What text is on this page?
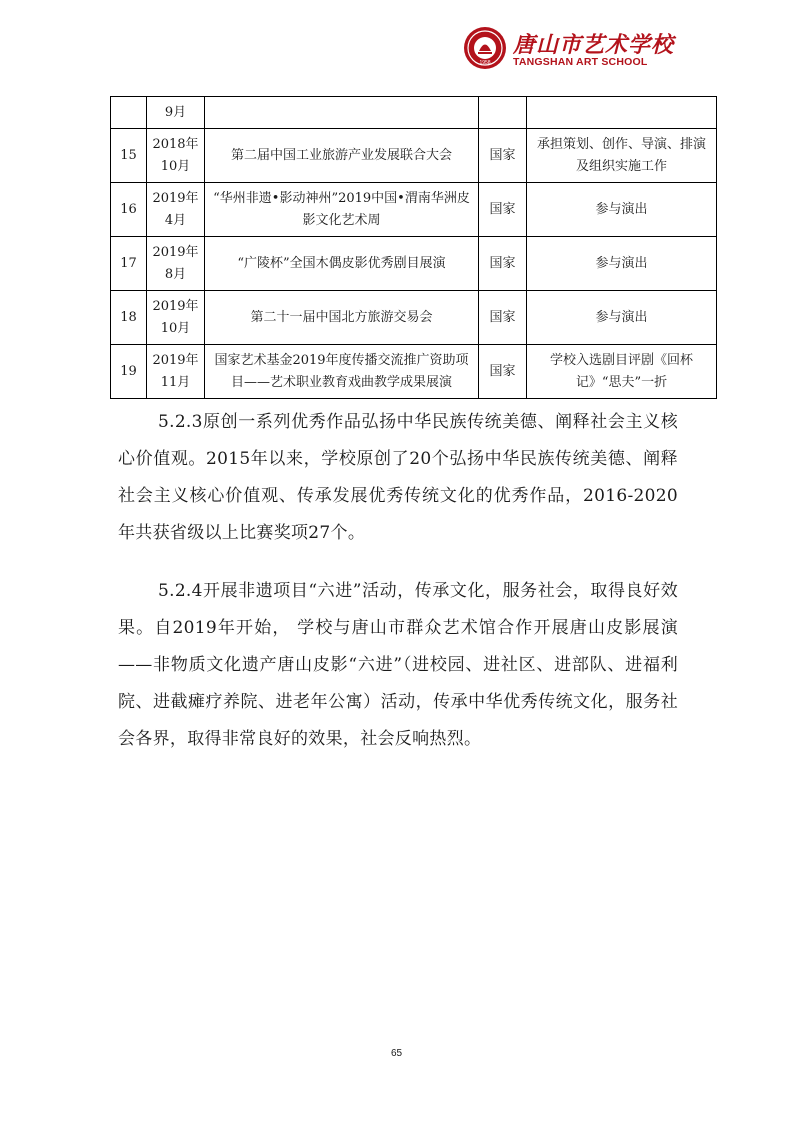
1958
唐山市艺术学校
TANGSHAN ART SCHOOL
	9月			
15	2018年10月	第二届中国工业旅游产业发展联合大会	国家	承担策划、创作、导演、排演及组织实施工作
16	2019年4月	“华州非遗•影动神州”2019中国•渭南华洲皮影文化艺术周	国家	参与演出
17	2019年8月	“广陵杯”全国木偶皮影优秀剧目展演	国家	参与演出
18	2019年10月	第二十一届中国北方旅游交易会	国家	参与演出
19	2019年11月	国家艺术基金2019年度传播交流推广资助项目——艺术职业教育戏曲教学成果展演	国家	学校入选剧目评剧《回杯记》“思夫”一折

5.2.3原创一系列优秀作品弘扬中华民族传统美德、阐释社会主义核心价值观。2015年以来，学校原创了20个弘扬中华民族传统美德、阐释社会主义核心价值观、传承发展优秀传统文化的优秀作品，2016-2020年共获省级以上比赛奖项27个。

5.2.4开展非遗项目“六进”活动，传承文化，服务社会，取得良好效果。自2019年开始， 学校与唐山市群众艺术馆合作开展唐山皮影展演——非物质文化遗产唐山皮影“六进”（进校园、进社区、进部队、进福利院、进截瘫疗养院、进老年公寓）活动，传承中华优秀传统文化，服务社会各界，取得非常良好的效果，社会反响热烈。

65
